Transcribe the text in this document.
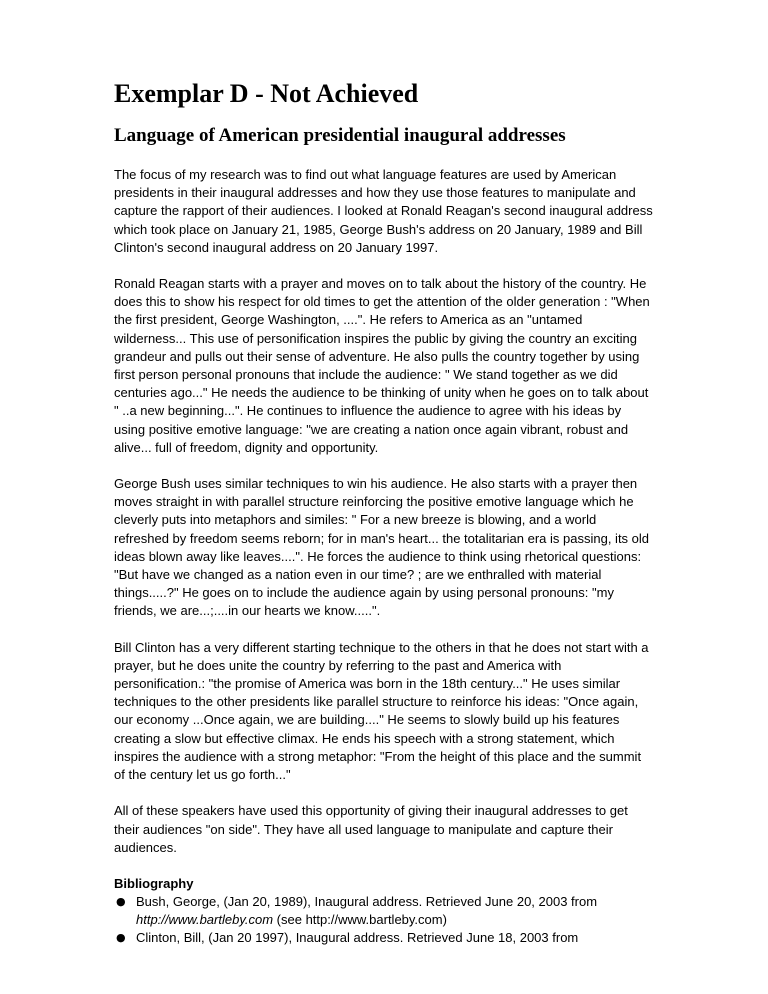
Exemplar D - Not Achieved
Language of American presidential inaugural addresses

The focus of my research was to find out what language features are used by American presidents in their inaugural addresses and how they use those features to manipulate and capture the rapport of their audiences. I looked at Ronald Reagan's second inaugural address which took place on January 21, 1985, George Bush's address on 20 January, 1989 and Bill Clinton's second inaugural address on 20 January 1997.

Ronald Reagan starts with a prayer and moves on to talk about the history of the country. He does this to show his respect for old times to get the attention of the older generation : "When the first president, George Washington, ....". He refers to America as an "untamed wilderness... This use of personification inspires the public by giving the country an exciting grandeur and pulls out their sense of adventure. He also pulls the country together by using first person personal pronouns that include the audience: " We stand together as we did centuries ago..." He needs the audience to be thinking of unity when he goes on to talk about " ..a new beginning...". He continues to influence the audience to agree with his ideas by using positive emotive language: "we are creating a nation once again vibrant, robust and alive... full of freedom, dignity and opportunity.

George Bush uses similar techniques to win his audience. He also starts with a prayer then moves straight in with parallel structure reinforcing the positive emotive language which he cleverly puts into metaphors and similes: " For a new breeze is blowing, and a world refreshed by freedom seems reborn; for in man's heart... the totalitarian era is passing, its old ideas blown away like leaves....". He forces the audience to think using rhetorical questions: "But have we changed as a nation even in our time? ; are we enthralled with material things.....?" He goes on to include the audience again by using personal pronouns: "my friends, we are...;....in our hearts we know.....".

Bill Clinton has a very different starting technique to the others in that he does not start with a prayer, but he does unite the country by referring to the past and America with personification.: "the promise of America was born in the 18th century..." He uses similar techniques to the other presidents like parallel structure to reinforce his ideas: "Once again, our economy ...Once again, we are building...." He seems to slowly build up his features creating a slow but effective climax. He ends his speech with a strong statement, which inspires the audience with a strong metaphor: "From the height of this place and the summit of the century let us go forth..."

All of these speakers have used this opportunity of giving their inaugural addresses to get their audiences "on side". They have all used language to manipulate and capture their audiences.

Bibliography
● Bush, George, (Jan 20, 1989), Inaugural address. Retrieved June 20, 2003 from
http://www.bartleby.com (see http://www.bartleby.com)
● Clinton, Bill, (Jan 20 1997), Inaugural address. Retrieved June 18, 2003 from
